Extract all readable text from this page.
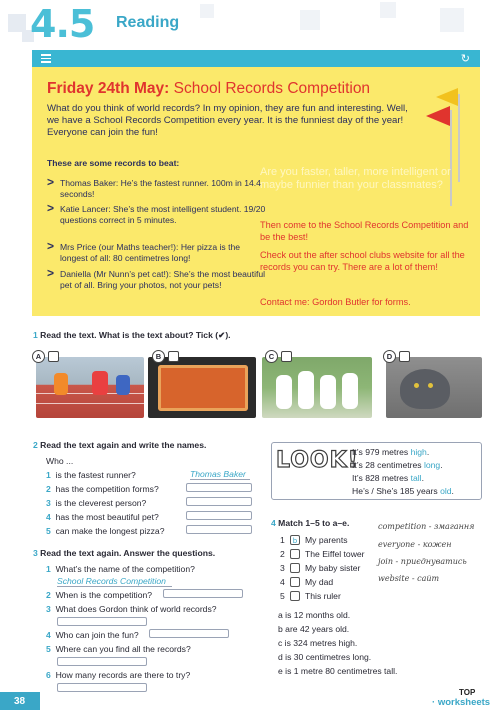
4.5 Reading
↻
Friday 24th May: School Records Competition
What do you think of world records? In my opinion, they are fun and interesting. Well, we have a School Records Competition every year. It is the funniest day of the year! Everyone can join the fun!
These are some records to beat:
> Thomas Baker: He’s the fastest runner. 100m in 14.4 seconds!
> Katie Lancer: She’s the most intelligent student. 19/20 questions correct in 5 minutes.
> Mrs Price (our Maths teacher!): Her pizza is the longest of all: 80 centimetres long!
> Daniella (Mr Nunn’s pet cat!): She’s the most beautiful pet of all. Bring your photos, not your pets!
Are you faster, taller, more intelligent or maybe funnier than your classmates?
Then come to the School Records Competition and be the best!
Check out the after school clubs website for all the records you can try. There are a lot of them!
Contact me: Gordon Butler for forms.
1 Read the text. What is the text about? Tick (✔).
A	B	C	D
2 Read the text again and write the names.
Who ...
1 is the fastest runner?	Thomas Baker
2 has the competition forms?
3 is the cleverest person?
4 has the most beautiful pet?
5 can make the longest pizza?
3 Read the text again. Answer the questions.
1 What’s the name of the competition?
School Records Competition
2 When is the competition?
3 What does Gordon think of world records?
4 Who can join the fun?
5 Where can you find all the records?
6 How many records are there to try?
LOOK!
It’s 979 metres high.
It’s 28 centimetres long.
It’s 828 metres tall.
He’s / She’s 185 years old.
4 Match 1–5 to a–e.
1	b My parents
2 The Eiffel tower
3 My baby sister
4 My dad
5 This ruler
a is 12 months old.
b are 42 years old.
c is 324 metres high.
d is 30 centimetres long.
e is 1 metre 80 centimetres tall.
competition - змагання
everyone - кожен
join - приєднуватись
website - сайт
38
TOP
· worksheets
